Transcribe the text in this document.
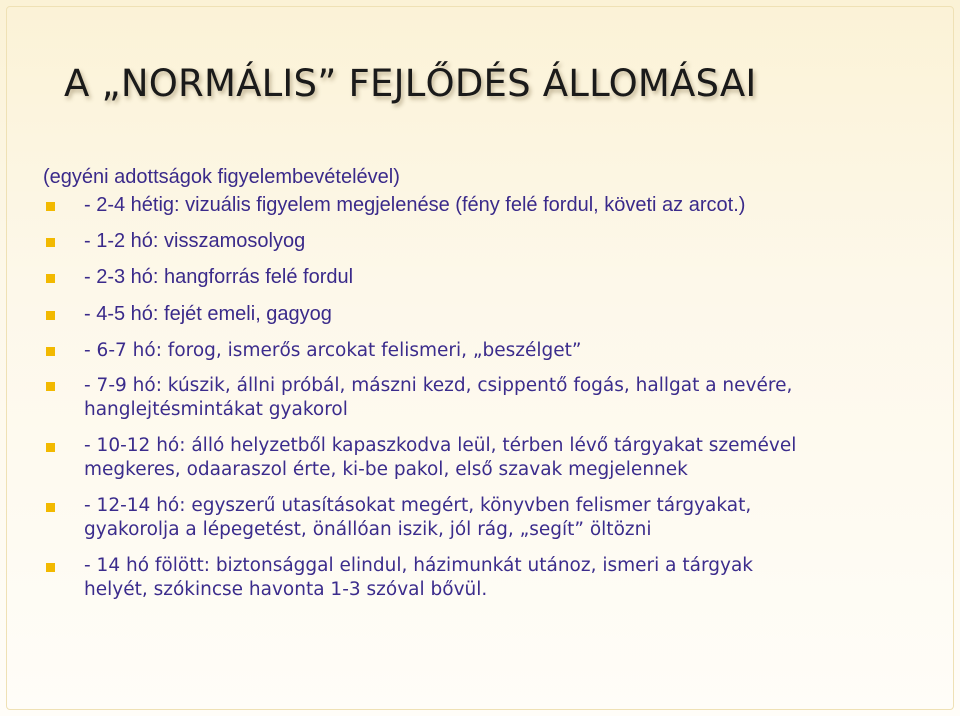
A „NORMÁLIS” FEJLŐDÉS ÁLLOMÁSAI
(egyéni adottságok figyelembevételével)
- 2-4 hétig: vizuális figyelem megjelenése (fény felé fordul, követi az arcot.)
- 1-2 hó: visszamosolyog
- 2-3 hó: hangforrás felé fordul
- 4-5 hó: fejét emeli, gagyog
- 6-7 hó: forog, ismerős arcokat felismeri, „beszélget”
- 7-9 hó: kúszik, állni próbál, mászni kezd, csippentő fogás, hallgat a nevére,
hanglejtésmintákat gyakorol
- 10-12 hó: álló helyzetből kapaszkodva leül, térben lévő tárgyakat szemével
megkeres, odaaraszol érte, ki-be pakol, első szavak megjelennek
- 12-14 hó: egyszerű utasításokat megért, könyvben felismer tárgyakat,
gyakorolja a lépegetést, önállóan iszik, jól rág, „segít” öltözni
- 14 hó fölött: biztonsággal elindul, házimunkát utánoz, ismeri a tárgyak
helyét, szókincse havonta 1-3 szóval bővül.
